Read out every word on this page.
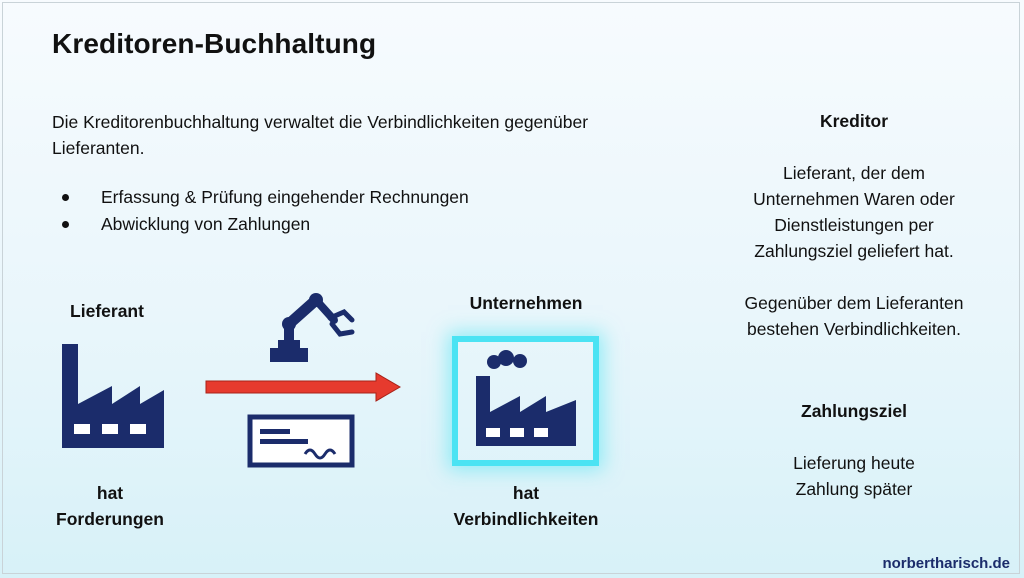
Kreditoren-Buchhaltung
Die Kreditorenbuchhaltung verwaltet die Verbindlichkeiten gegenüber Lieferanten.
Erfassung & Prüfung eingehender Rechnungen
Abwicklung von Zahlungen
Lieferant
hat
Forderungen
Unternehmen
hat
Verbindlichkeiten
Kreditor
Lieferant, der dem
Unternehmen Waren oder
Dienstleistungen per
Zahlungsziel geliefert hat.
Gegenüber dem Lieferanten
bestehen Verbindlichkeiten.
Zahlungsziel
Lieferung heute
Zahlung später
norbertharisch.de
